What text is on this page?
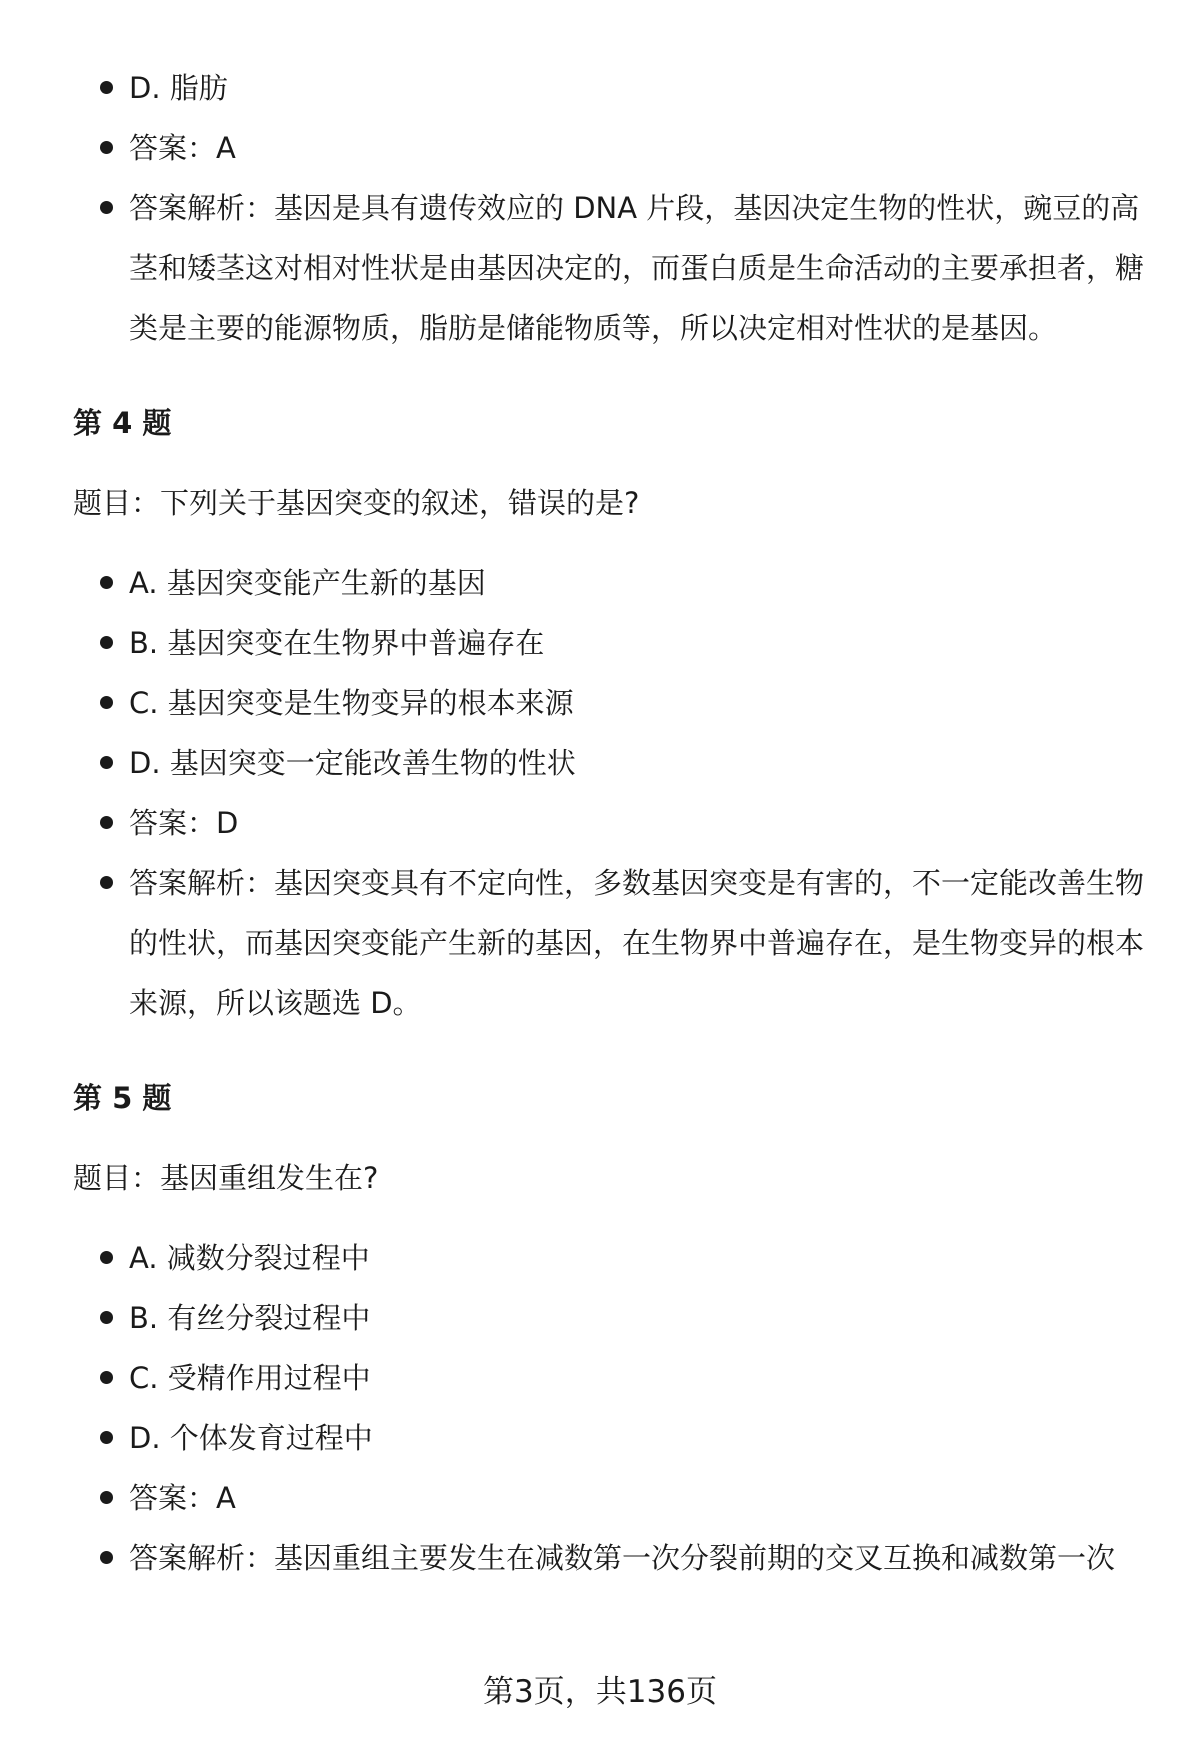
D. 脂肪
答案：A
答案解析：基因是具有遗传效应的 DNA 片段，基因决定生物的性状，豌豆的高茎和矮茎这对相对性状是由基因决定的，而蛋白质是生命活动的主要承担者，糖类是主要的能源物质，脂肪是储能物质等，所以决定相对性状的是基因。

第 4 题

题目：下列关于基因突变的叙述，错误的是?

A. 基因突变能产生新的基因
B. 基因突变在生物界中普遍存在
C. 基因突变是生物变异的根本来源
D. 基因突变一定能改善生物的性状
答案：D
答案解析：基因突变具有不定向性，多数基因突变是有害的，不一定能改善生物的性状，而基因突变能产生新的基因，在生物界中普遍存在，是生物变异的根本来源，所以该题选 D。

第 5 题

题目：基因重组发生在?

A. 减数分裂过程中
B. 有丝分裂过程中
C. 受精作用过程中
D. 个体发育过程中
答案：A
答案解析：基因重组主要发生在减数第一次分裂前期的交叉互换和减数第一次
第3页，共136页
